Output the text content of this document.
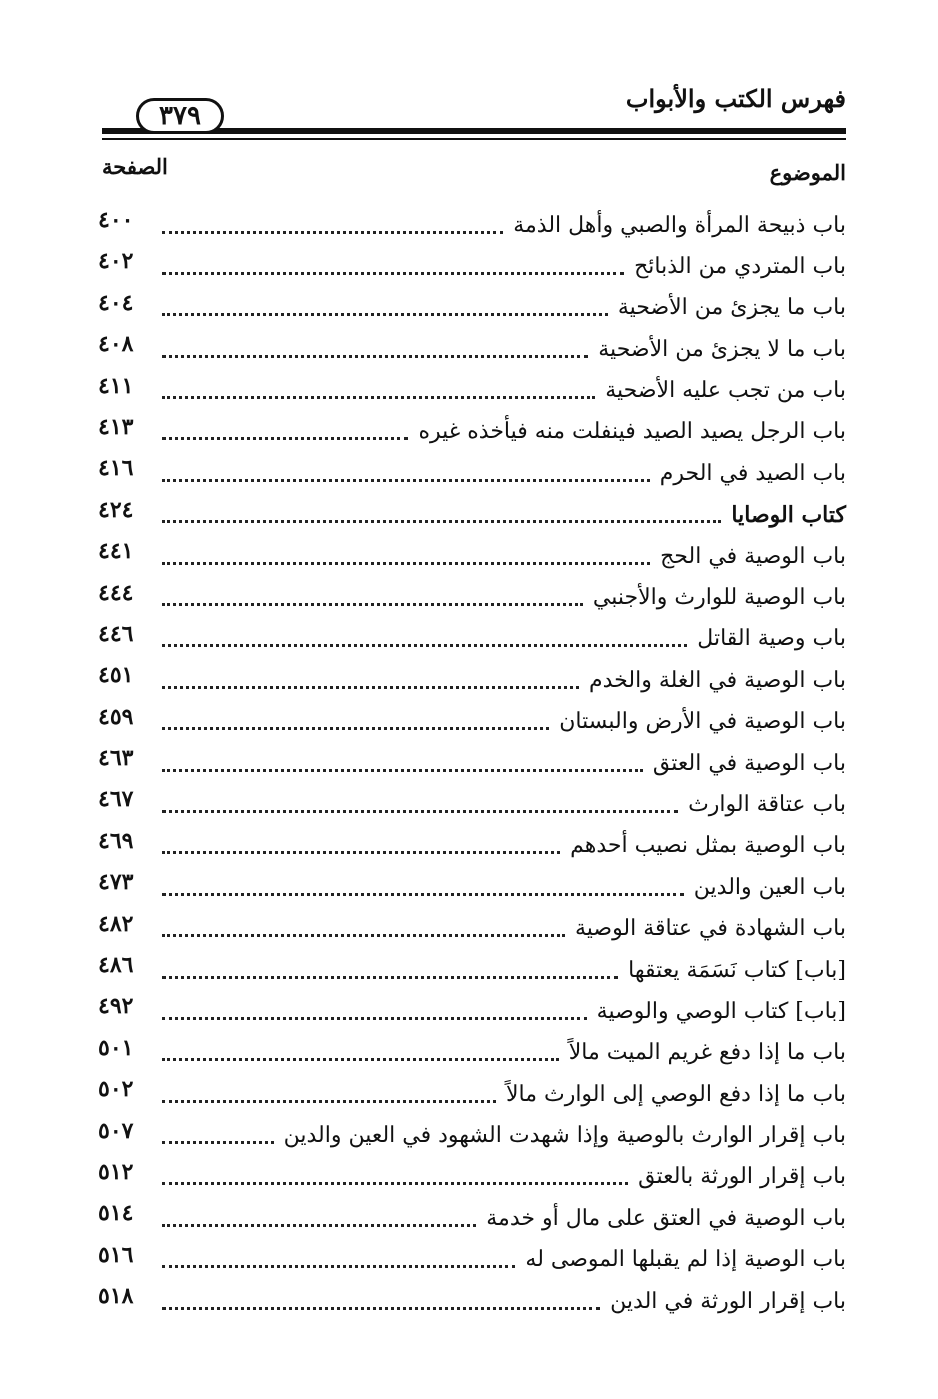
فهرس الكتب والأبواب
٣٧٩
الموضوع
الصفحة
باب ذبيحة المرأة والصبي وأهل الذمة
٤٠٠
باب المتردي من الذبائح
٤٠٢
باب ما يجزئ من الأضحية
٤٠٤
باب ما لا يجزئ من الأضحية
٤٠٨
باب من تجب عليه الأضحية
٤١١
باب الرجل يصيد الصيد فينفلت منه فيأخذه غيره
٤١٣
باب الصيد في الحرم
٤١٦
كتاب الوصايا
٤٢٤
باب الوصية في الحج
٤٤١
باب الوصية للوارث والأجنبي
٤٤٤
باب وصية القاتل
٤٤٦
باب الوصية في الغلة والخدم
٤٥١
باب الوصية في الأرض والبستان
٤٥٩
باب الوصية في العتق
٤٦٣
باب عتاقة الوارث
٤٦٧
باب الوصية بمثل نصيب أحدهم
٤٦٩
باب العين والدين
٤٧٣
باب الشهادة في عتاقة الوصية
٤٨٢
[باب] كتاب نَسَمَة يعتقها
٤٨٦
[باب] كتاب الوصي والوصية
٤٩٢
باب ما إذا دفع غريم الميت مالاً
٥٠١
باب ما إذا دفع الوصي إلى الوارث مالاً
٥٠٢
باب إقرار الوارث بالوصية وإذا شهدت الشهود في العين والدين
٥٠٧
باب إقرار الورثة بالعتق
٥١٢
باب الوصية في العتق على مال أو خدمة
٥١٤
باب الوصية إذا لم يقبلها الموصى له
٥١٦
باب إقرار الورثة في الدين
٥١٨
